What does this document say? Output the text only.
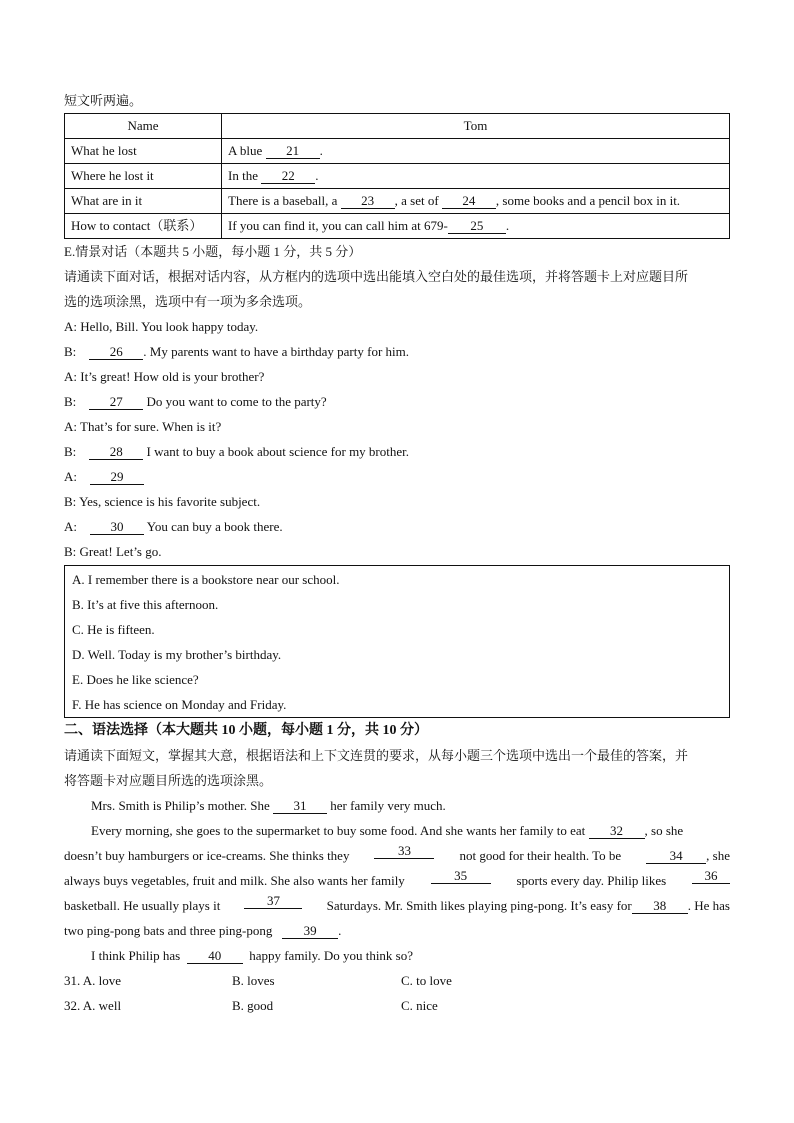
短文听两遍。
Name	Tom
What he lost	A blue 21 .
Where he lost it	In the 22 .
What are in it	There is a baseball, a 23 , a set of 24 , some books and a pencil box in it.
How to contact（联系）	If you can find it, you can call him at 679- 25 .
E.情景对话（本题共 5 小题，每小题 1 分，共 5 分）
请通读下面对话，根据对话内容，从方框内的选项中选出能填入空白处的最佳选项，并将答题卡上对应题目所
选的选项涂黑，选项中有一项为多余选项。
A: Hello, Bill. You look happy today.
B:	26 . My parents want to have a birthday party for him.
A: It’s great! How old is your brother?
B:	27 Do you want to come to the party?
A: That’s for sure. When is it?
B:	28 I want to buy a book about science for my brother.
A:	29
B: Yes, science is his favorite subject.
A:	30 You can buy a book there.
B: Great! Let’s go.
A. I remember there is a bookstore near our school.
B. It’s at five this afternoon.
C. He is fifteen.
D. Well. Today is my brother’s birthday.
E. Does he like science?
F. He has science on Monday and Friday.
二、语法选择（本大题共 10 小题，每小题 1 分，共 10 分）
请通读下面短文，掌握其大意，根据语法和上下文连贯的要求，从每小题三个选项中选出一个最佳的答案，并
将答题卡对应题目所选的选项涂黑。
Mrs. Smith is Philip’s mother. She 31 her family very much.
Every morning, she goes to the supermarket to buy some food. And she wants her family to eat 32 , so she
doesn’t buy hamburgers or ice-creams. She thinks they	33	not good for their health. To be	34 , she
always buys vegetables, fruit and milk. She also wants her family	35	sports every day. Philip likes	36
basketball. He usually plays it	37	Saturdays. Mr. Smith likes playing ping-pong. It’s easy for 38 . He has
two ping-pong bats and three ping-pong 39 .
I think Philip has 40 happy family. Do you think so?
31. A. love	B. loves	C. to love
32. A. well	B. good	C. nice
